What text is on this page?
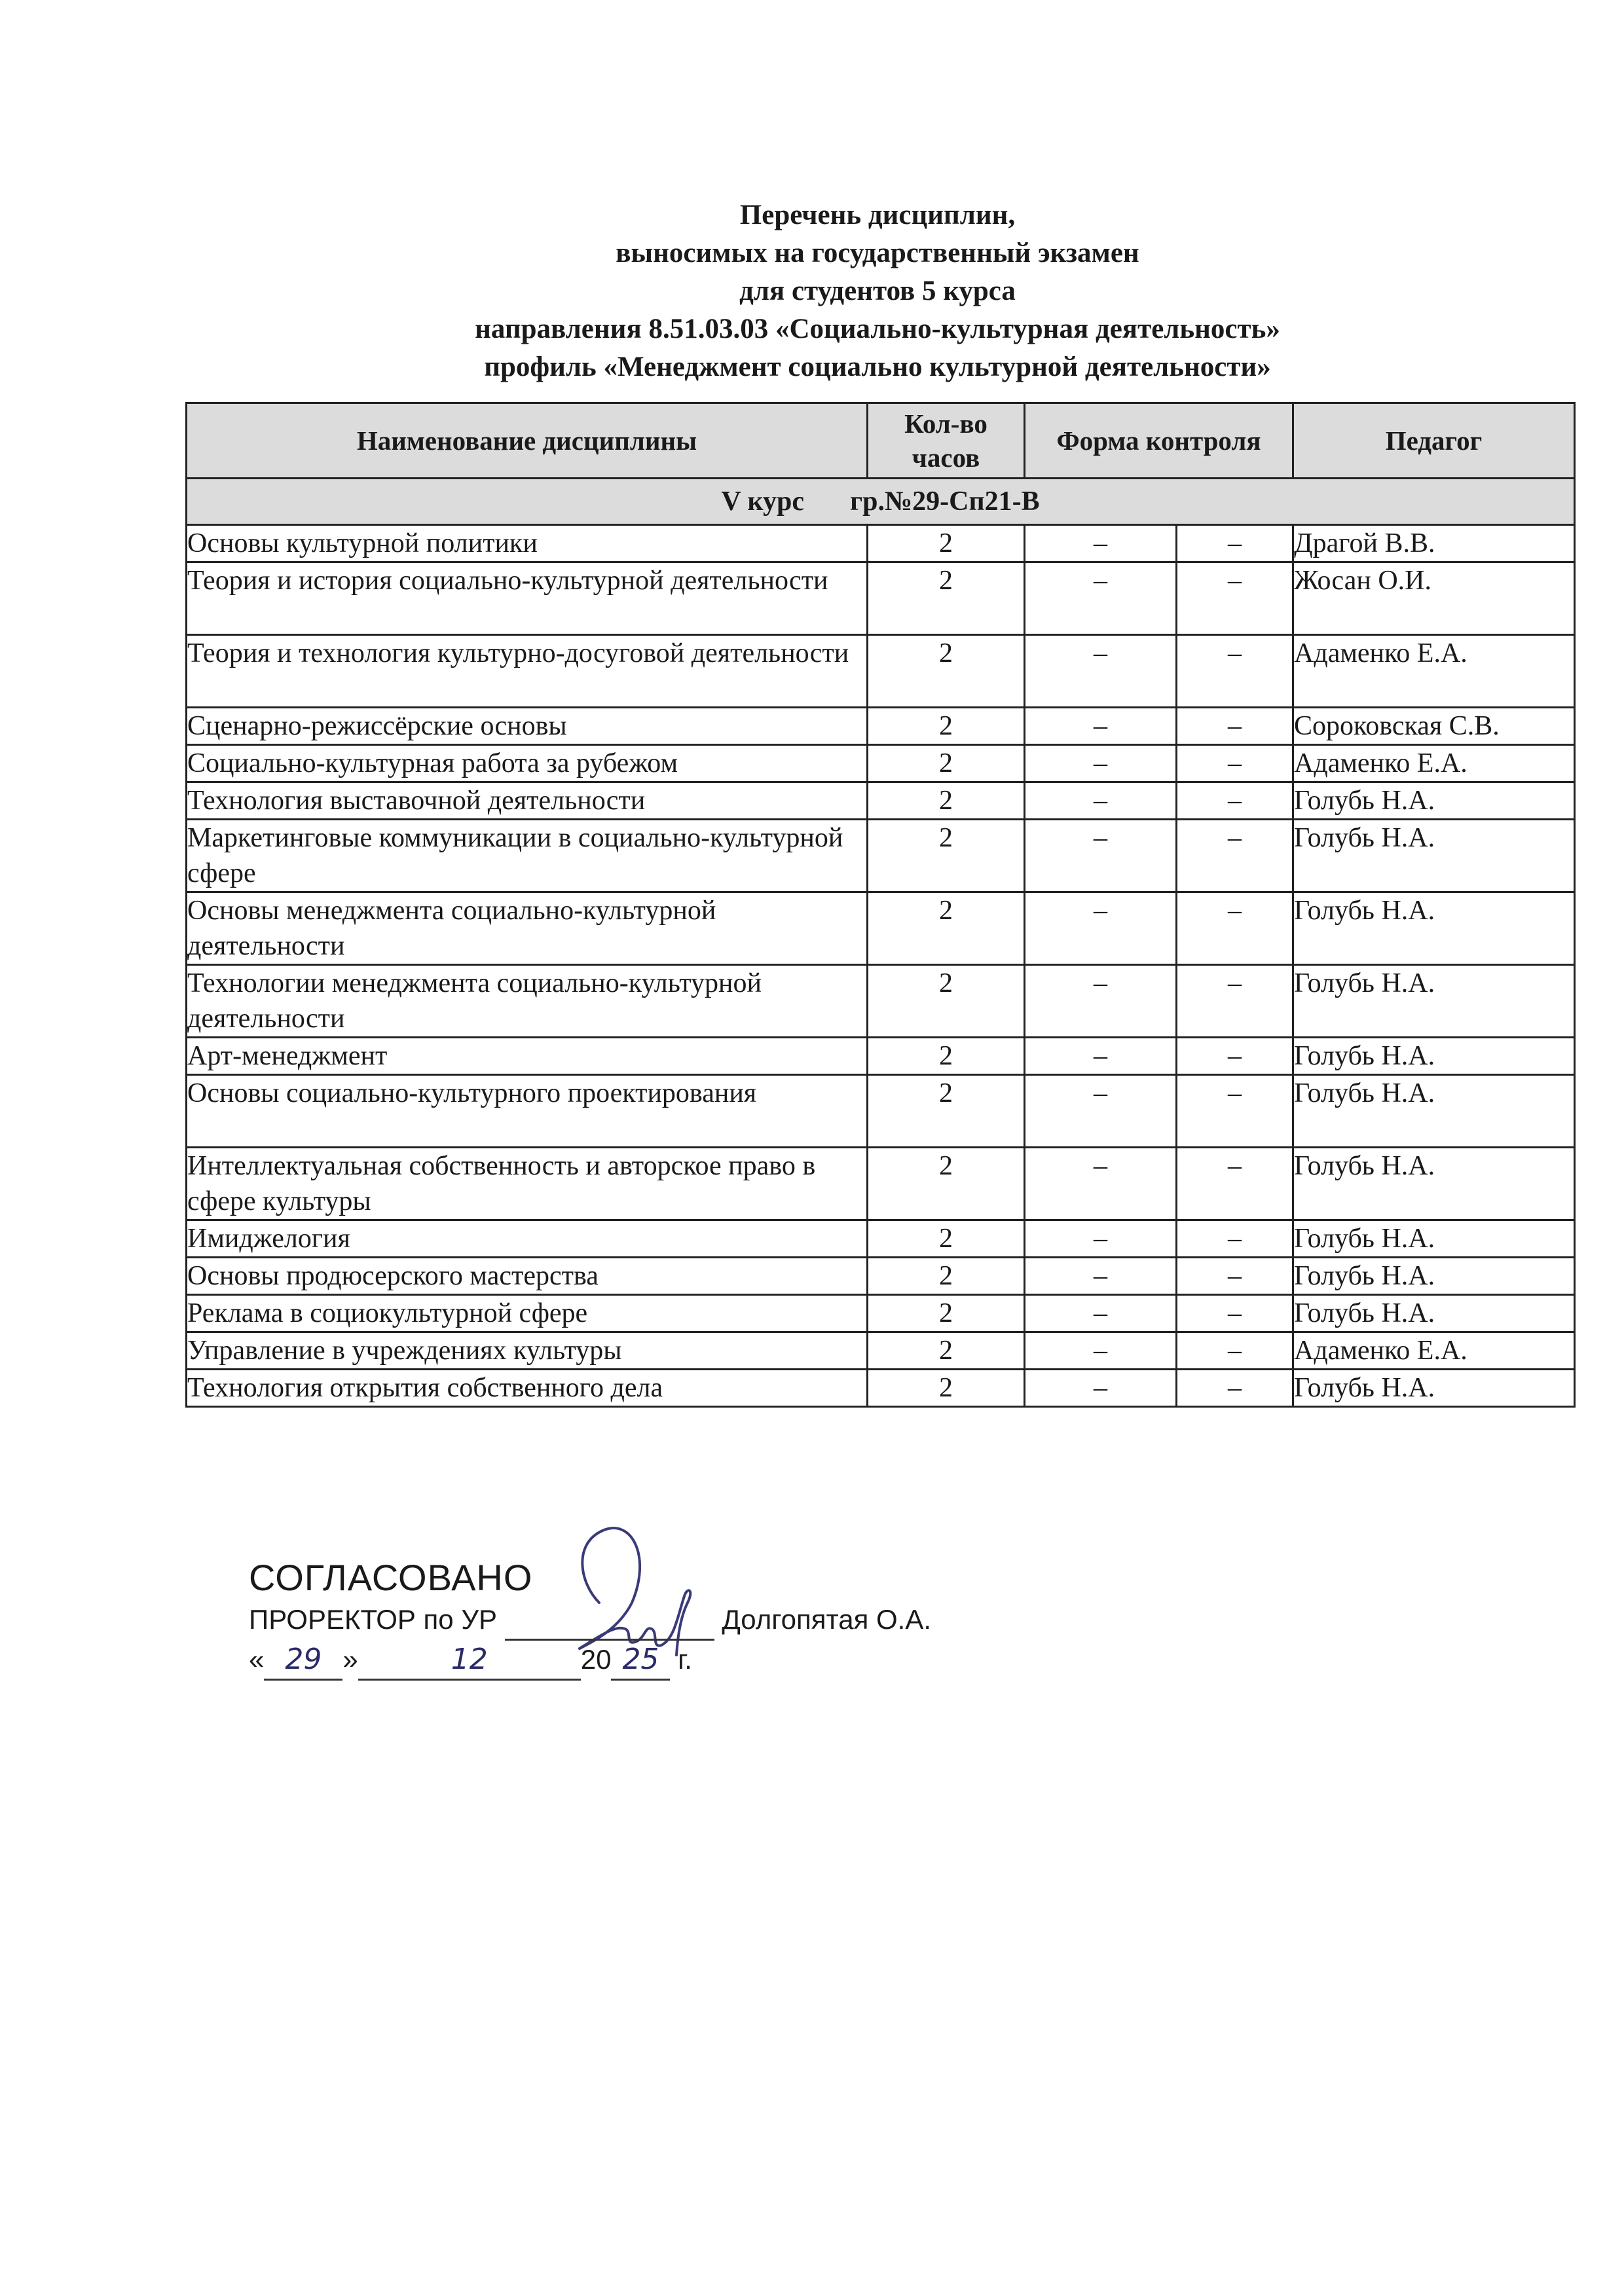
Перечень дисциплин,
выносимых на государственный экзамен
для студентов 5 курса
направления 8.51.03.03 «Социально-культурная деятельность»
профиль «Менеджмент социально культурной деятельности»
Наименование дисциплины	Кол-во часов	Форма контроля		Педагог
V курс гр.№29-Сп21-В				
Основы культурной политики	2	–	–	Драгой В.В.
Теория и история социально-культурной деятельности	2	–	–	Жосан О.И.
Теория и технология культурно-досуговой деятельности	2	–	–	Адаменко Е.А.
Сценарно-режиссёрские основы	2	–	–	Сороковская С.В.
Социально-культурная работа за рубежом	2	–	–	Адаменко Е.А.
Технология выставочной деятельности	2	–	–	Голубь Н.А.
Маркетинговые коммуникации в социально-культурной сфере	2	–	–	Голубь Н.А.
Основы менеджмента социально-культурной деятельности	2	–	–	Голубь Н.А.
Технологии менеджмента социально-культурной деятельности	2	–	–	Голубь Н.А.
Арт-менеджмент	2	–	–	Голубь Н.А.
Основы социально-культурного проектирования	2	–	–	Голубь Н.А.
Интеллектуальная собственность и авторское право в сфере культуры	2	–	–	Голубь Н.А.
Имиджелогия	2	–	–	Голубь Н.А.
Основы продюсерского мастерства	2	–	–	Голубь Н.А.
Реклама в социокультурной сфере	2	–	–	Голубь Н.А.
Управление в учреждениях культуры	2	–	–	Адаменко Е.А.
Технология открытия собственного дела	2	–	–	Голубь Н.А.
СОГЛАСОВАНО
ПРОРЕКТОР по УР	Долгопятая О.А.
« 29 »	12	20 25 г.
